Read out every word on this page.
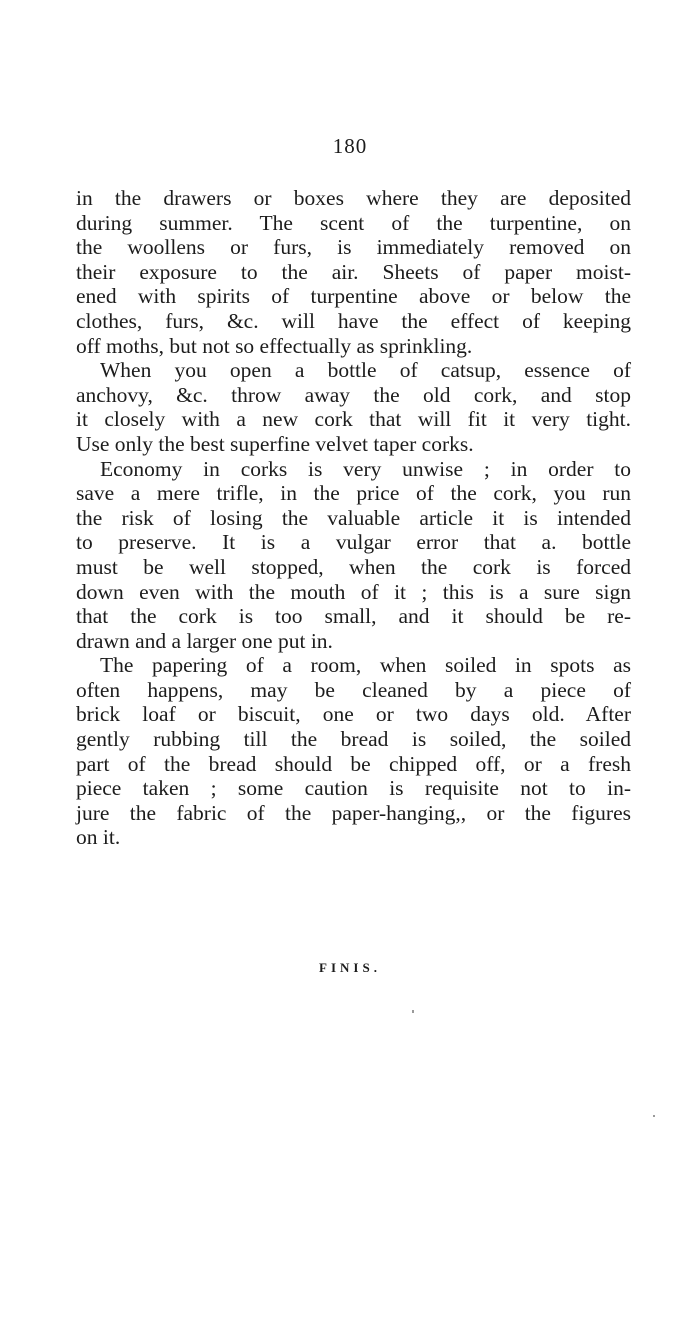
180
in the drawers or boxes where they are deposited
during summer. The scent of the turpentine, on
the woollens or furs, is immediately removed on
their exposure to the air. Sheets of paper moist-
ened with spirits of turpentine above or below the
clothes, furs, &c. will have the effect of keeping
off moths, but not so effectually as sprinkling.
When you open a bottle of catsup, essence of
anchovy, &c. throw away the old cork, and stop
it closely with a new cork that will fit it very tight.
Use only the best superfine velvet taper corks.
Economy in corks is very unwise ; in order to
save a mere trifle, in the price of the cork, you run
the risk of losing the valuable article it is intended
to preserve. It is a vulgar error that a. bottle
must be well stopped, when the cork is forced
down even with the mouth of it ; this is a sure sign
that the cork is too small, and it should be re-
drawn and a larger one put in.
The papering of a room, when soiled in spots as
often happens, may be cleaned by a piece of
brick loaf or biscuit, one or two days old. After
gently rubbing till the bread is soiled, the soiled
part of the bread should be chipped off, or a fresh
piece taken ; some caution is requisite not to in-
jure the fabric of the paper-hanging,, or the figures
on it.
FINIS.
